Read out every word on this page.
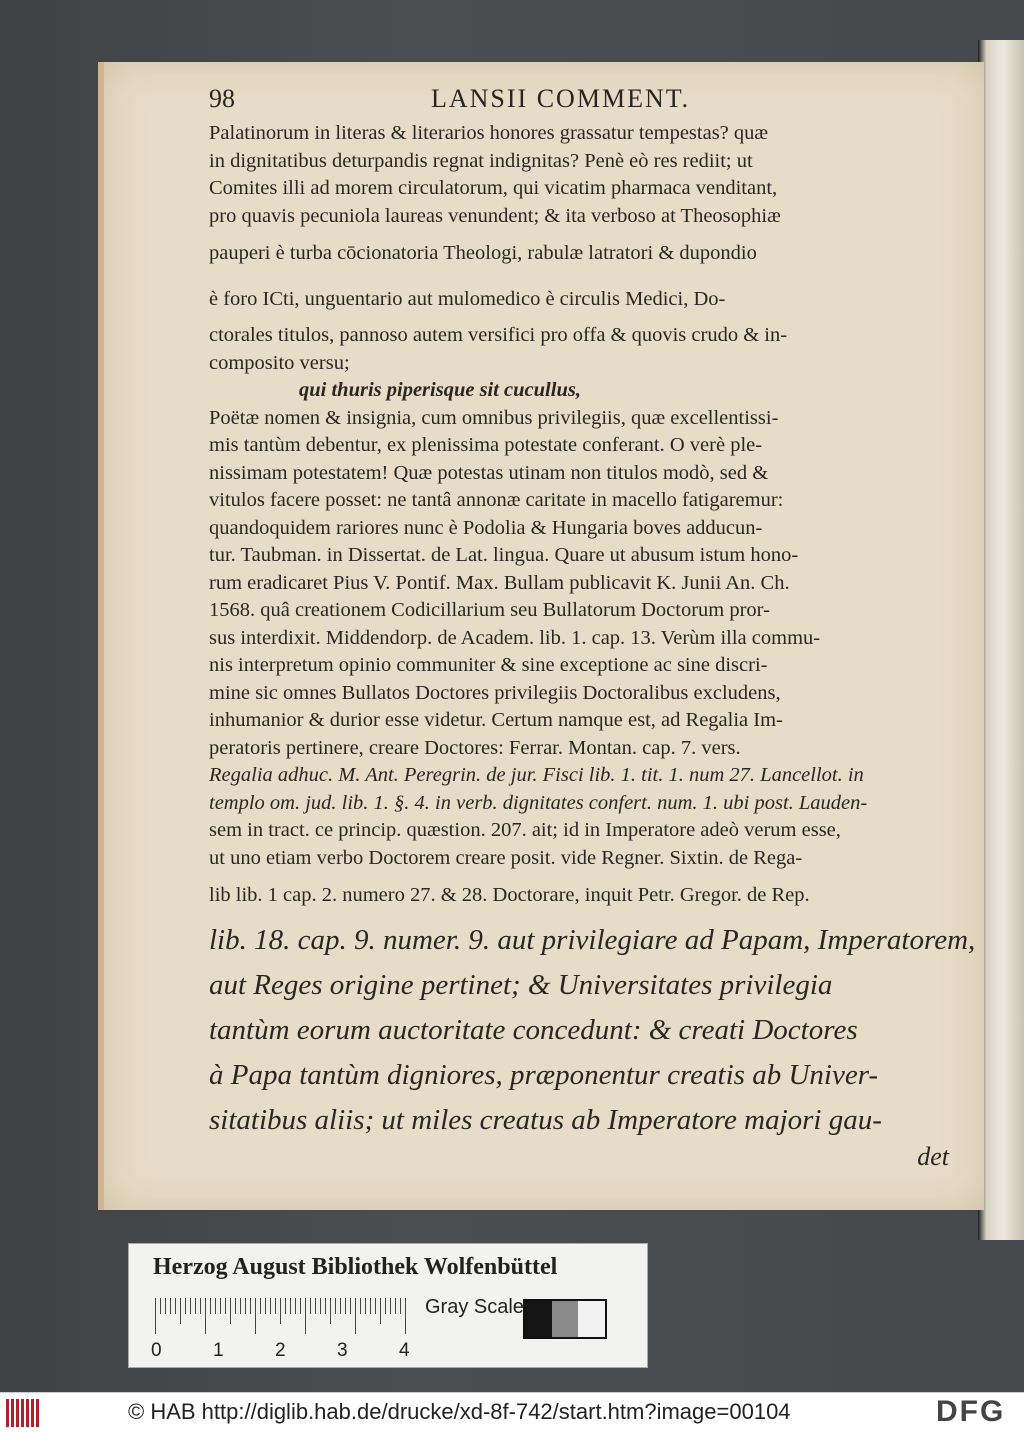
98	LANSII COMMENT.
Palatinorum in literas & literarios honores grassatur tempestas? quæ
in dignitatibus deturpandis regnat indignitas? Penè eò res rediit; ut
Comites illi ad morem circulatorum, qui vicatim pharmaca venditant,
pro quavis pecuniola laureas venundent; & ita verboso at Theosophiæ
pauperi è turba cōcionatoria Theologi, rabulæ latratori & dupondio
è foro ICti, unguentario aut mulomedico è circulis Medici, Do-
ctorales titulos, pannoso autem versifici pro offa & quovis crudo & in-
composito versu;
qui thuris piperisque sit cucullus,
Poëtæ nomen & insignia, cum omnibus privilegiis, quæ excellentissi-
mis tantùm debentur, ex plenissima potestate conferant. O verè ple-
nissimam potestatem! Quæ potestas utinam non titulos modò, sed &
vitulos facere posset: ne tantâ annonæ caritate in macello fatigaremur:
quandoquidem rariores nunc è Podolia & Hungaria boves adducun-
tur. Taubman. in Dissertat. de Lat. lingua. Quare ut abusum istum hono-
rum eradicaret Pius V. Pontif. Max. Bullam publicavit K. Junii An. Ch.
1568. quâ creationem Codicillarium seu Bullatorum Doctorum pror-
sus interdixit. Middendorp. de Academ. lib. 1. cap. 13. Verùm illa commu-
nis interpretum opinio communiter & sine exceptione ac sine discri-
mine sic omnes Bullatos Doctores privilegiis Doctoralibus excludens,
inhumanior & durior esse videtur. Certum namque est, ad Regalia Im-
peratoris pertinere, creare Doctores: Ferrar. Montan. cap. 7. vers.
Regalia adhuc. M. Ant. Peregrin. de jur. Fisci lib. 1. tit. 1. num 27. Lancellot. in
templo om. jud. lib. 1. §. 4. in verb. dignitates confert. num. 1. ubi post. Lauden-
sem in tract. ce princip. quæstion. 207. ait; id in Imperatore adeò verum esse,
ut uno etiam verbo Doctorem creare posit. vide Regner. Sixtin. de Rega-
lib lib. 1 cap. 2. numero 27. & 28. Doctorare, inquit Petr. Gregor. de Rep.
lib. 18. cap. 9. numer. 9. aut privilegiare ad Papam, Imperatorem,
aut Reges origine pertinet; & Universitates privilegia
tantùm eorum auctoritate concedunt: & creati Doctores
à Papa tantùm digniores, præponentur creatis ab Univer-
sitatibus aliis; ut miles creatus ab Imperatore majori gau-
det
Herzog August Bibliothek Wolfenbüttel
0	1	2	3	4
Gray Scale
© HAB http://diglib.hab.de/drucke/xd-8f-742/start.htm?image=00104	DFG
